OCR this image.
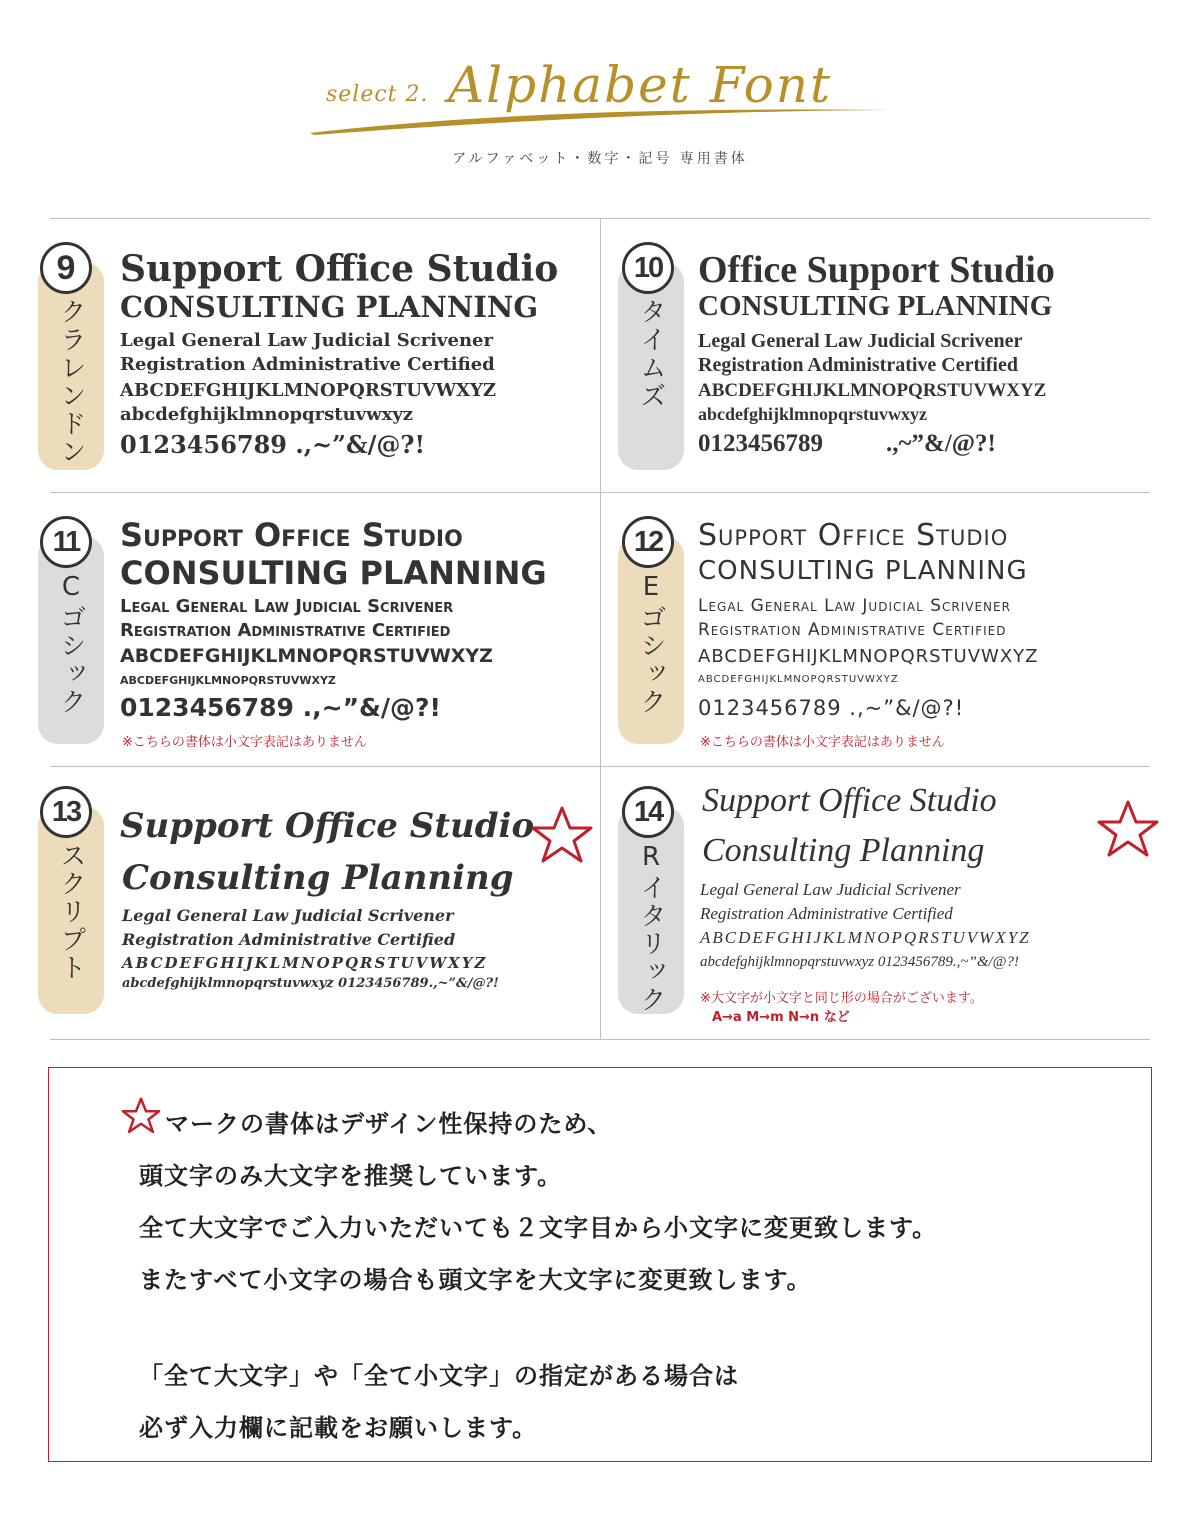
select 2. Alphabet Font
アルファベット・数字・記号 専用書体
9
クラレンドン
Support Office Studio
CONSULTING PLANNING
Legal General Law Judicial Scrivener
Registration Administrative Certified
ABCDEFGHIJKLMNOPQRSTUVWXYZ
abcdefghijklmnopqrstuvwxyz
0123456789 .,~”&/@?!
10
タイムズ
Office Support Studio
CONSULTING PLANNING
Legal General Law Judicial Scrivener
Registration Administrative Certified
ABCDEFGHIJKLMNOPQRSTUVWXYZ
abcdefghijklmnopqrstuvwxyz
0123456789	.,~”&/@?!
11
Cゴシック
Support Office Studio
CONSULTING PLANNING
Legal General Law Judicial Scrivener
Registration Administrative Certified
ABCDEFGHIJKLMNOPQRSTUVWXYZ
abcdefghijklmnopqrstuvwxyz
0123456789 .,~”&/@?!
※こちらの書体は小文字表記はありません
12
Eゴシック
Support Office Studio
CONSULTING PLANNING
Legal General Law Judicial Scrivener
Registration Administrative Certified
ABCDEFGHIJKLMNOPQRSTUVWXYZ
abcdefghijklmnopqrstuvwxyz
0123456789 .,~”&/@?!
※こちらの書体は小文字表記はありません
13
スクリプト
Support Office Studio
Consulting Planning
Legal General Law Judicial Scrivener
Registration Administrative Certified
ABCDEFGHIJKLMNOPQRSTUVWXYZ
abcdefghijklmnopqrstuvwxyz 0123456789.,~”&/@?!
14
Rイタリック
Support Office Studio
Consulting Planning
Legal General Law Judicial Scrivener
Registration Administrative Certified
ABCDEFGHIJKLMNOPQRSTUVWXYZ
abcdefghijklmnopqrstuvwxyz 0123456789.,~”&/@?!
※大文字が小文字と同じ形の場合がございます。
A→a M→m N→n など
マークの書体はデザイン性保持のため、
頭文字のみ大文字を推奨しています。
全て大文字でご入力いただいても２文字目から小文字に変更致します。
またすべて小文字の場合も頭文字を大文字に変更致します。
「全て大文字」や「全て小文字」の指定がある場合は
必ず入力欄に記載をお願いします。
